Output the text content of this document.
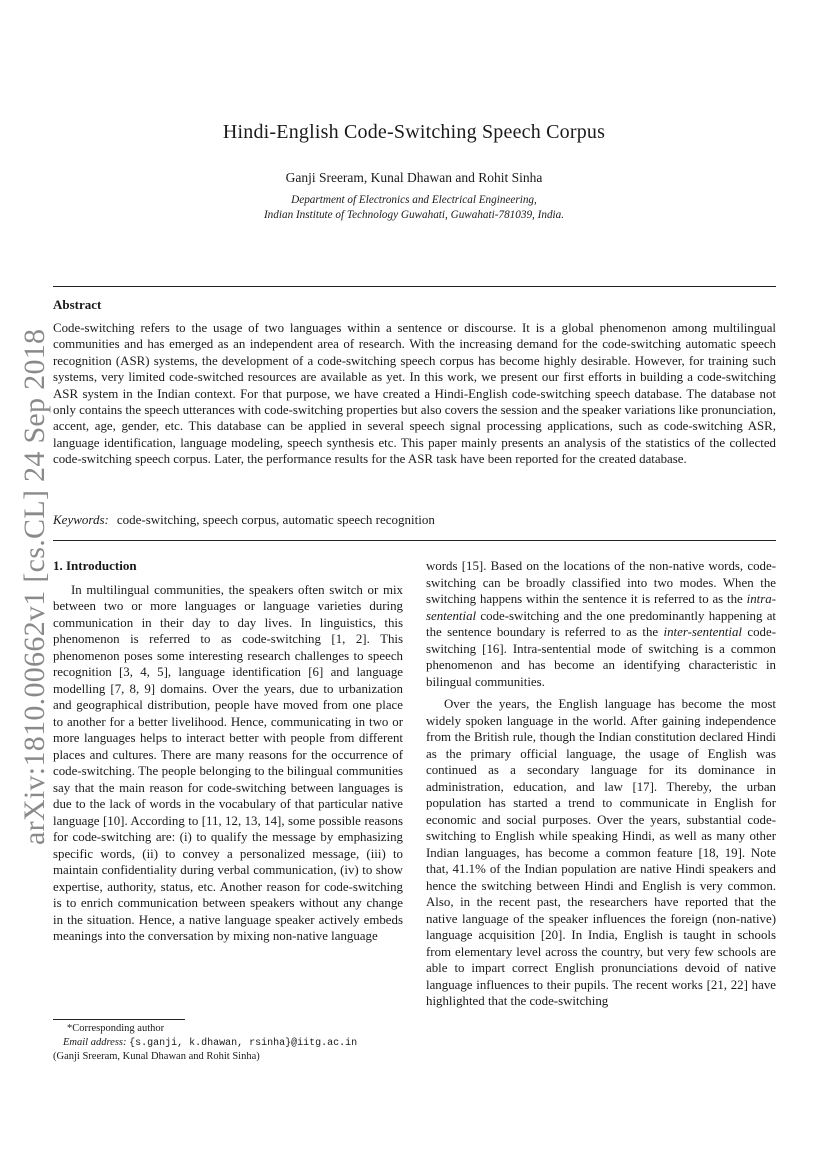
arXiv:1810.00662v1 [cs.CL] 24 Sep 2018
Hindi-English Code-Switching Speech Corpus
Ganji Sreeram, Kunal Dhawan and Rohit Sinha
Department of Electronics and Electrical Engineering,
Indian Institute of Technology Guwahati, Guwahati-781039, India.
Abstract
Code-switching refers to the usage of two languages within a sentence or discourse. It is a global phenomenon among multilingual communities and has emerged as an independent area of research. With the increasing demand for the code-switching automatic speech recognition (ASR) systems, the development of a code-switching speech corpus has become highly desirable. However, for training such systems, very limited code-switched resources are available as yet. In this work, we present our first efforts in building a code-switching ASR system in the Indian context. For that purpose, we have created a Hindi-English code-switching speech database. The database not only contains the speech utterances with code-switching properties but also covers the session and the speaker variations like pronunciation, accent, age, gender, etc. This database can be applied in several speech signal processing applications, such as code-switching ASR, language identification, language modeling, speech synthesis etc. This paper mainly presents an analysis of the statistics of the collected code-switching speech corpus. Later, the performance results for the ASR task have been reported for the created database.
Keywords: code-switching, speech corpus, automatic speech recognition
1. Introduction

In multilingual communities, the speakers often switch or mix between two or more languages or language varieties during communication in their day to day lives. In linguistics, this phenomenon is referred to as code-switching [1, 2]. This phenomenon poses some interesting research challenges to speech recognition [3, 4, 5], language identification [6] and language modelling [7, 8, 9] domains. Over the years, due to urbanization and geographical distribution, people have moved from one place to another for a better livelihood. Hence, communicating in two or more languages helps to interact better with people from different places and cultures. There are many reasons for the occurrence of code-switching. The people belonging to the bilingual communities say that the main reason for code-switching between languages is due to the lack of words in the vocabulary of that particular native language [10]. According to [11, 12, 13, 14], some possible reasons for code-switching are: (i) to qualify the message by emphasizing specific words, (ii) to convey a personalized message, (iii) to maintain confidentiality during verbal communication, (iv) to show expertise, authority, status, etc. Another reason for code-switching is to enrich communication between speakers without any change in the situation. Hence, a native language speaker actively embeds meanings into the conversation by mixing non-native language

words [15]. Based on the locations of the non-native words, code-switching can be broadly classified into two modes. When the switching happens within the sentence it is referred to as the intra-sentential code-switching and the one predominantly happening at the sentence boundary is referred to as the inter-sentential code-switching [16]. Intra-sentential mode of switching is a common phenomenon and has become an identifying characteristic in bilingual communities.

Over the years, the English language has become the most widely spoken language in the world. After gaining independence from the British rule, though the Indian constitution declared Hindi as the primary official language, the usage of English was continued as a secondary language for its dominance in administration, education, and law [17]. Thereby, the urban population has started a trend to communicate in English for economic and social purposes. Over the years, substantial code-switching to English while speaking Hindi, as well as many other Indian languages, has become a common feature [18, 19]. Note that, 41.1% of the Indian population are native Hindi speakers and hence the switching between Hindi and English is very common. Also, in the recent past, the researchers have reported that the native language of the speaker influences the foreign (non-native) language acquisition [20]. In India, English is taught in schools from elementary level across the country, but very few schools are able to impart correct English pronunciations devoid of native language influences to their pupils. The recent works [21, 22] have highlighted that the code-switching

*Corresponding author
Email address: {s.ganji, k.dhawan, rsinha}@iitg.ac.in
(Ganji Sreeram, Kunal Dhawan and Rohit Sinha)
